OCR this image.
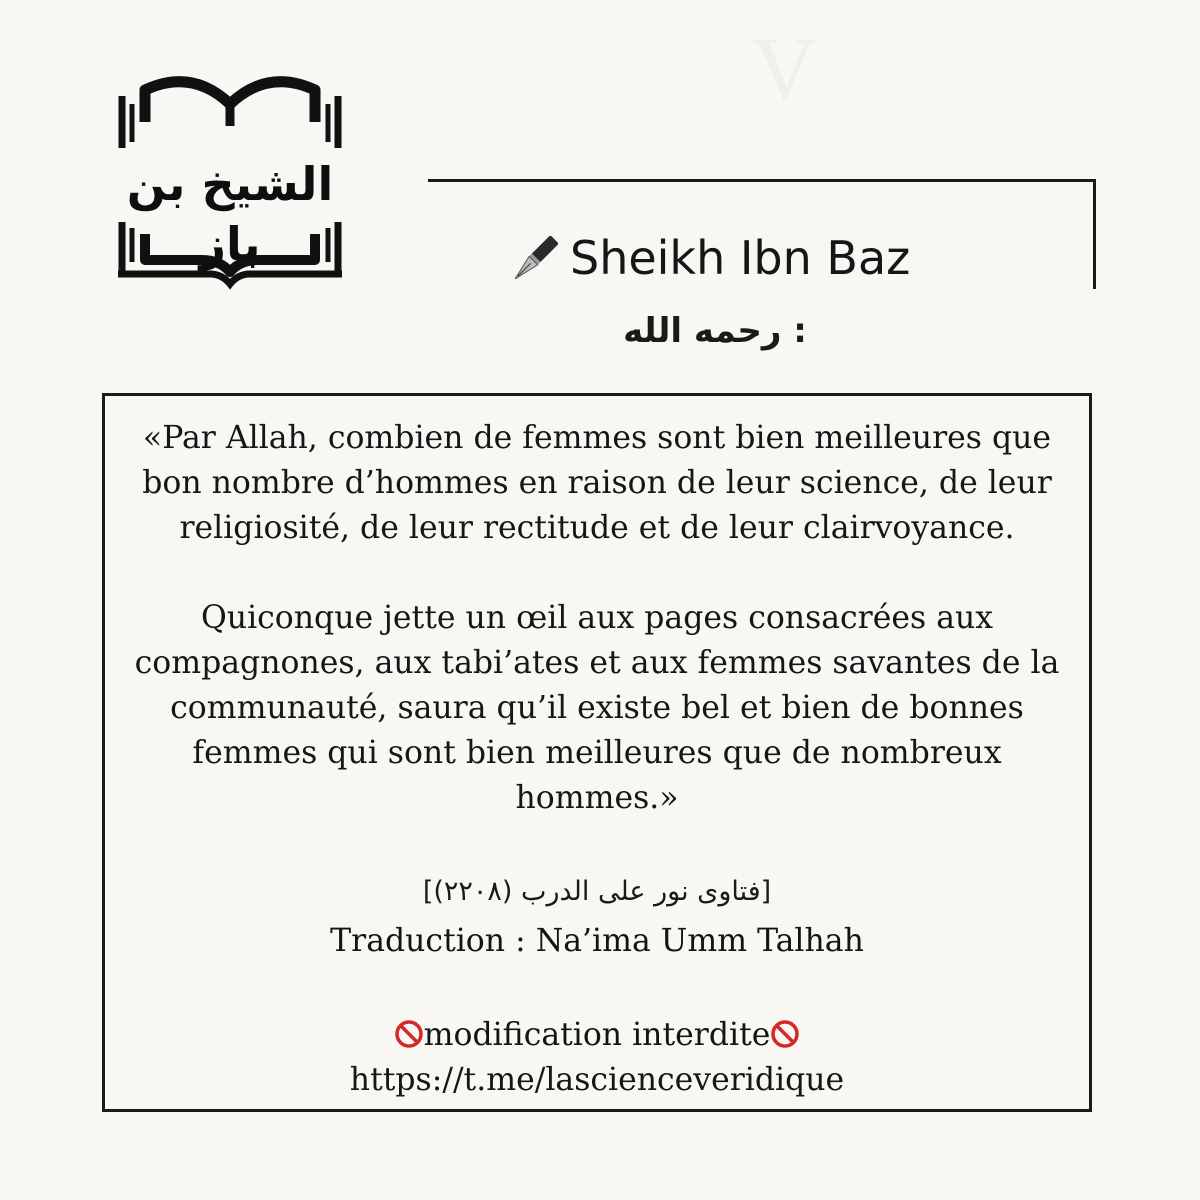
V
الشيخ بن باز	Sheikh Ibn Baz
: رحمه الله

«Par Allah, combien de femmes sont bien meilleures que bon nombre d’hommes en raison de leur science, de leur religiosité, de leur rectitude et de leur clairvoyance.

Quiconque jette un œil aux pages consacrées aux compagnones, aux tabi’ates et aux femmes savantes de la communauté, saura qu’il existe bel et bien de bonnes femmes qui sont bien meilleures que de nombreux hommes.»

[فتاوى نور على الدرب (٢٢٠٨)]
Traduction : Na’ima Umm Talhah
modification interdite
https://t.me/lascienceveridique
